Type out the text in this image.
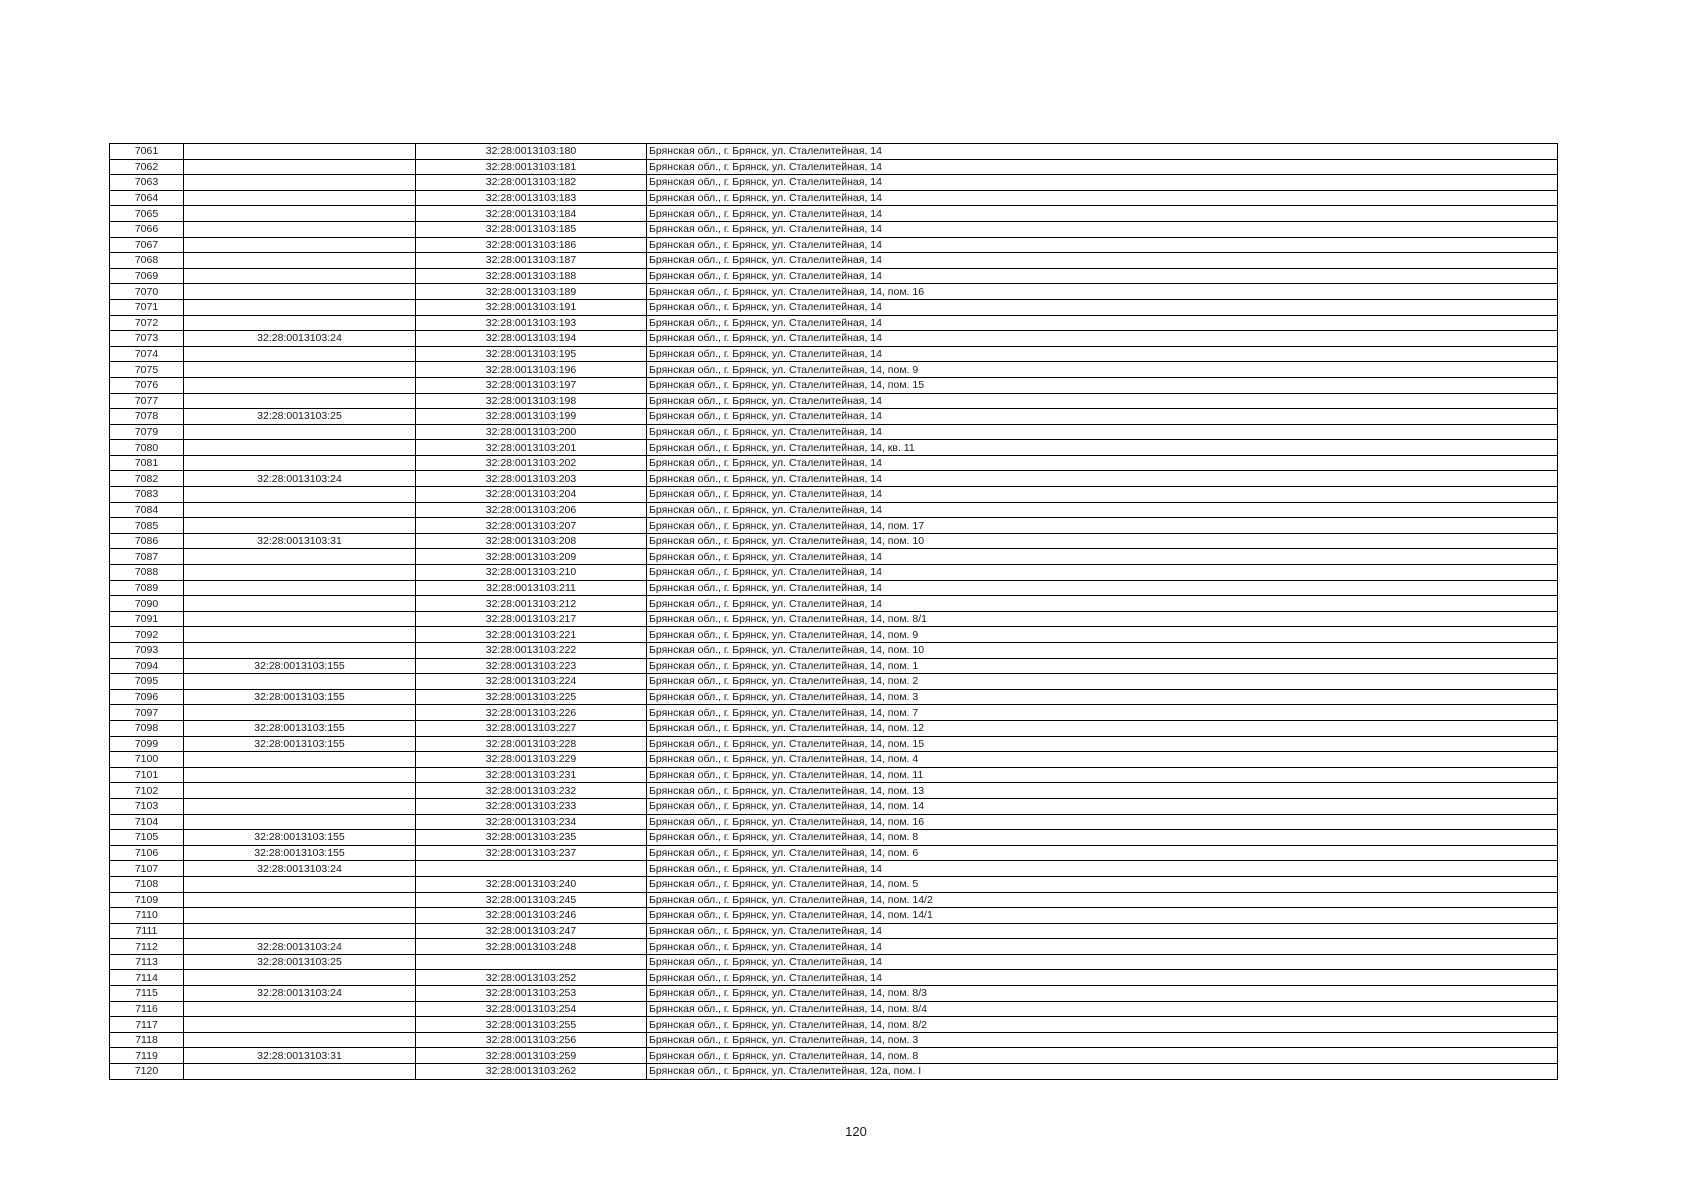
7061		32:28:0013103:180	Брянская обл., г. Брянск, ул. Сталелитейная, 14
7062		32:28:0013103:181	Брянская обл., г. Брянск, ул. Сталелитейная, 14
7063		32:28:0013103:182	Брянская обл., г. Брянск, ул. Сталелитейная, 14
7064		32:28:0013103:183	Брянская обл., г. Брянск, ул. Сталелитейная, 14
7065		32:28:0013103:184	Брянская обл., г. Брянск, ул. Сталелитейная, 14
7066		32:28:0013103:185	Брянская обл., г. Брянск, ул. Сталелитейная, 14
7067		32:28:0013103:186	Брянская обл., г. Брянск, ул. Сталелитейная, 14
7068		32:28:0013103:187	Брянская обл., г. Брянск, ул. Сталелитейная, 14
7069		32:28:0013103:188	Брянская обл., г. Брянск, ул. Сталелитейная, 14
7070		32:28:0013103:189	Брянская обл., г. Брянск, ул. Сталелитейная, 14, пом. 16
7071		32:28:0013103:191	Брянская обл., г. Брянск, ул. Сталелитейная, 14
7072		32:28:0013103:193	Брянская обл., г. Брянск, ул. Сталелитейная, 14
7073	32:28:0013103:24	32:28:0013103:194	Брянская обл., г. Брянск, ул. Сталелитейная, 14
7074		32:28:0013103:195	Брянская обл., г. Брянск, ул. Сталелитейная, 14
7075		32:28:0013103:196	Брянская обл., г. Брянск, ул. Сталелитейная, 14, пом. 9
7076		32:28:0013103:197	Брянская обл., г. Брянск, ул. Сталелитейная, 14, пом. 15
7077		32:28:0013103:198	Брянская обл., г. Брянск, ул. Сталелитейная, 14
7078	32:28:0013103:25	32:28:0013103:199	Брянская обл., г. Брянск, ул. Сталелитейная, 14
7079		32:28:0013103:200	Брянская обл., г. Брянск, ул. Сталелитейная, 14
7080		32:28:0013103:201	Брянская обл., г. Брянск, ул. Сталелитейная, 14, кв. 11
7081		32:28:0013103:202	Брянская обл., г. Брянск, ул. Сталелитейная, 14
7082	32:28:0013103:24	32:28:0013103:203	Брянская обл., г. Брянск, ул. Сталелитейная, 14
7083		32:28:0013103:204	Брянская обл., г. Брянск, ул. Сталелитейная, 14
7084		32:28:0013103:206	Брянская обл., г. Брянск, ул. Сталелитейная, 14
7085		32:28:0013103:207	Брянская обл., г. Брянск, ул. Сталелитейная, 14, пом. 17
7086	32:28:0013103:31	32:28:0013103:208	Брянская обл., г. Брянск, ул. Сталелитейная, 14, пом. 10
7087		32:28:0013103:209	Брянская обл., г. Брянск, ул. Сталелитейная, 14
7088		32:28:0013103:210	Брянская обл., г. Брянск, ул. Сталелитейная, 14
7089		32:28:0013103:211	Брянская обл., г. Брянск, ул. Сталелитейная, 14
7090		32:28:0013103:212	Брянская обл., г. Брянск, ул. Сталелитейная, 14
7091		32:28:0013103:217	Брянская обл., г. Брянск, ул. Сталелитейная, 14, пом. 8/1
7092		32:28:0013103:221	Брянская обл., г. Брянск, ул. Сталелитейная, 14, пом. 9
7093		32:28:0013103:222	Брянская обл., г. Брянск, ул. Сталелитейная, 14, пом. 10
7094	32:28:0013103:155	32:28:0013103:223	Брянская обл., г. Брянск, ул. Сталелитейная, 14, пом. 1
7095		32:28:0013103:224	Брянская обл., г. Брянск, ул. Сталелитейная, 14, пом. 2
7096	32:28:0013103:155	32:28:0013103:225	Брянская обл., г. Брянск, ул. Сталелитейная, 14, пом. 3
7097		32:28:0013103:226	Брянская обл., г. Брянск, ул. Сталелитейная, 14, пом. 7
7098	32:28:0013103:155	32:28:0013103:227	Брянская обл., г. Брянск, ул. Сталелитейная, 14, пом. 12
7099	32:28:0013103:155	32:28:0013103:228	Брянская обл., г. Брянск, ул. Сталелитейная, 14, пом. 15
7100		32:28:0013103:229	Брянская обл., г. Брянск, ул. Сталелитейная, 14, пом. 4
7101		32:28:0013103:231	Брянская обл., г. Брянск, ул. Сталелитейная, 14, пом. 11
7102		32:28:0013103:232	Брянская обл., г. Брянск, ул. Сталелитейная, 14, пом. 13
7103		32:28:0013103:233	Брянская обл., г. Брянск, ул. Сталелитейная, 14, пом. 14
7104		32:28:0013103:234	Брянская обл., г. Брянск, ул. Сталелитейная, 14, пом. 16
7105	32:28:0013103:155	32:28:0013103:235	Брянская обл., г. Брянск, ул. Сталелитейная, 14, пом. 8
7106	32:28:0013103:155	32:28:0013103:237	Брянская обл., г. Брянск, ул. Сталелитейная, 14, пом. 6
7107	32:28:0013103:24		Брянская обл., г. Брянск, ул. Сталелитейная, 14
7108		32:28:0013103:240	Брянская обл., г. Брянск, ул. Сталелитейная, 14, пом. 5
7109		32:28:0013103:245	Брянская обл., г. Брянск, ул. Сталелитейная, 14, пом. 14/2
7110		32:28:0013103:246	Брянская обл., г. Брянск, ул. Сталелитейная, 14, пом. 14/1
7111		32:28:0013103:247	Брянская обл., г. Брянск, ул. Сталелитейная, 14
7112	32:28:0013103:24	32:28:0013103:248	Брянская обл., г. Брянск, ул. Сталелитейная, 14
7113	32:28:0013103:25		Брянская обл., г. Брянск, ул. Сталелитейная, 14
7114		32:28:0013103:252	Брянская обл., г. Брянск, ул. Сталелитейная, 14
7115	32:28:0013103:24	32:28:0013103:253	Брянская обл., г. Брянск, ул. Сталелитейная, 14, пом. 8/3
7116		32:28:0013103:254	Брянская обл., г. Брянск, ул. Сталелитейная, 14, пом. 8/4
7117		32:28:0013103:255	Брянская обл., г. Брянск, ул. Сталелитейная, 14, пом. 8/2
7118		32:28:0013103:256	Брянская обл., г. Брянск, ул. Сталелитейная, 14, пом. 3
7119	32:28:0013103:31	32:28:0013103:259	Брянская обл., г. Брянск, ул. Сталелитейная, 14, пом. 8
7120		32:28:0013103:262	Брянская обл., г. Брянск, ул. Сталелитейная, 12а, пом. I
120
